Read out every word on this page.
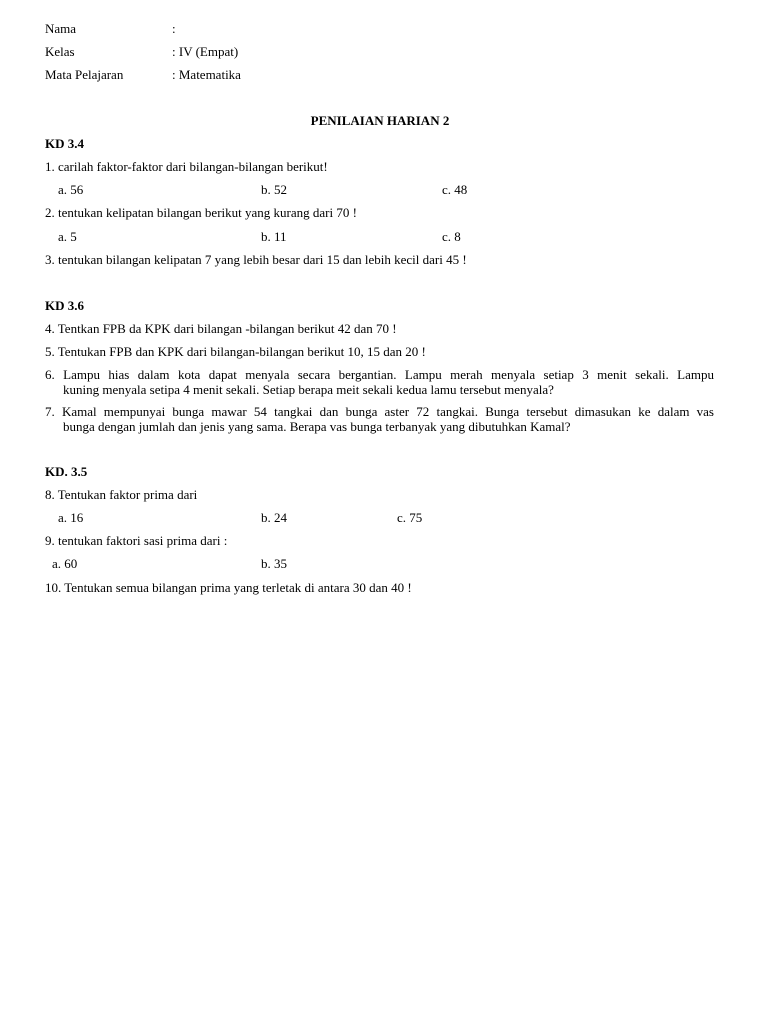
Nama	:
Kelas	: IV (Empat)
Mata Pelajaran	: Matematika
PENILAIAN HARIAN 2
KD 3.4
1. carilah faktor-faktor dari bilangan-bilangan berikut!
a. 56	b. 52	c. 48
2. tentukan kelipatan bilangan berikut yang kurang dari 70 !
a. 5	b. 11	c. 8
3. tentukan bilangan kelipatan 7 yang lebih besar dari 15 dan lebih kecil dari 45 !
KD 3.6
4. Tentkan FPB da KPK dari bilangan -bilangan berikut 42 dan 70 !
5. Tentukan FPB dan KPK dari bilangan-bilangan berikut 10, 15 dan 20 !
6. Lampu hias dalam kota dapat menyala secara bergantian. Lampu merah menyala setiap 3 menit sekali. Lampu
kuning menyala setipa 4 menit sekali. Setiap berapa meit sekali kedua lamu tersebut menyala?
7. Kamal mempunyai bunga mawar 54 tangkai dan bunga aster 72 tangkai. Bunga tersebut dimasukan ke dalam vas
bunga dengan jumlah dan jenis yang sama. Berapa vas bunga terbanyak yang dibutuhkan Kamal?
KD. 3.5
8. Tentukan faktor prima dari
a. 16	b. 24	c. 75
9. tentukan faktori sasi prima dari :
a. 60	b. 35
10. Tentukan semua bilangan prima yang terletak di antara 30 dan 40 !
